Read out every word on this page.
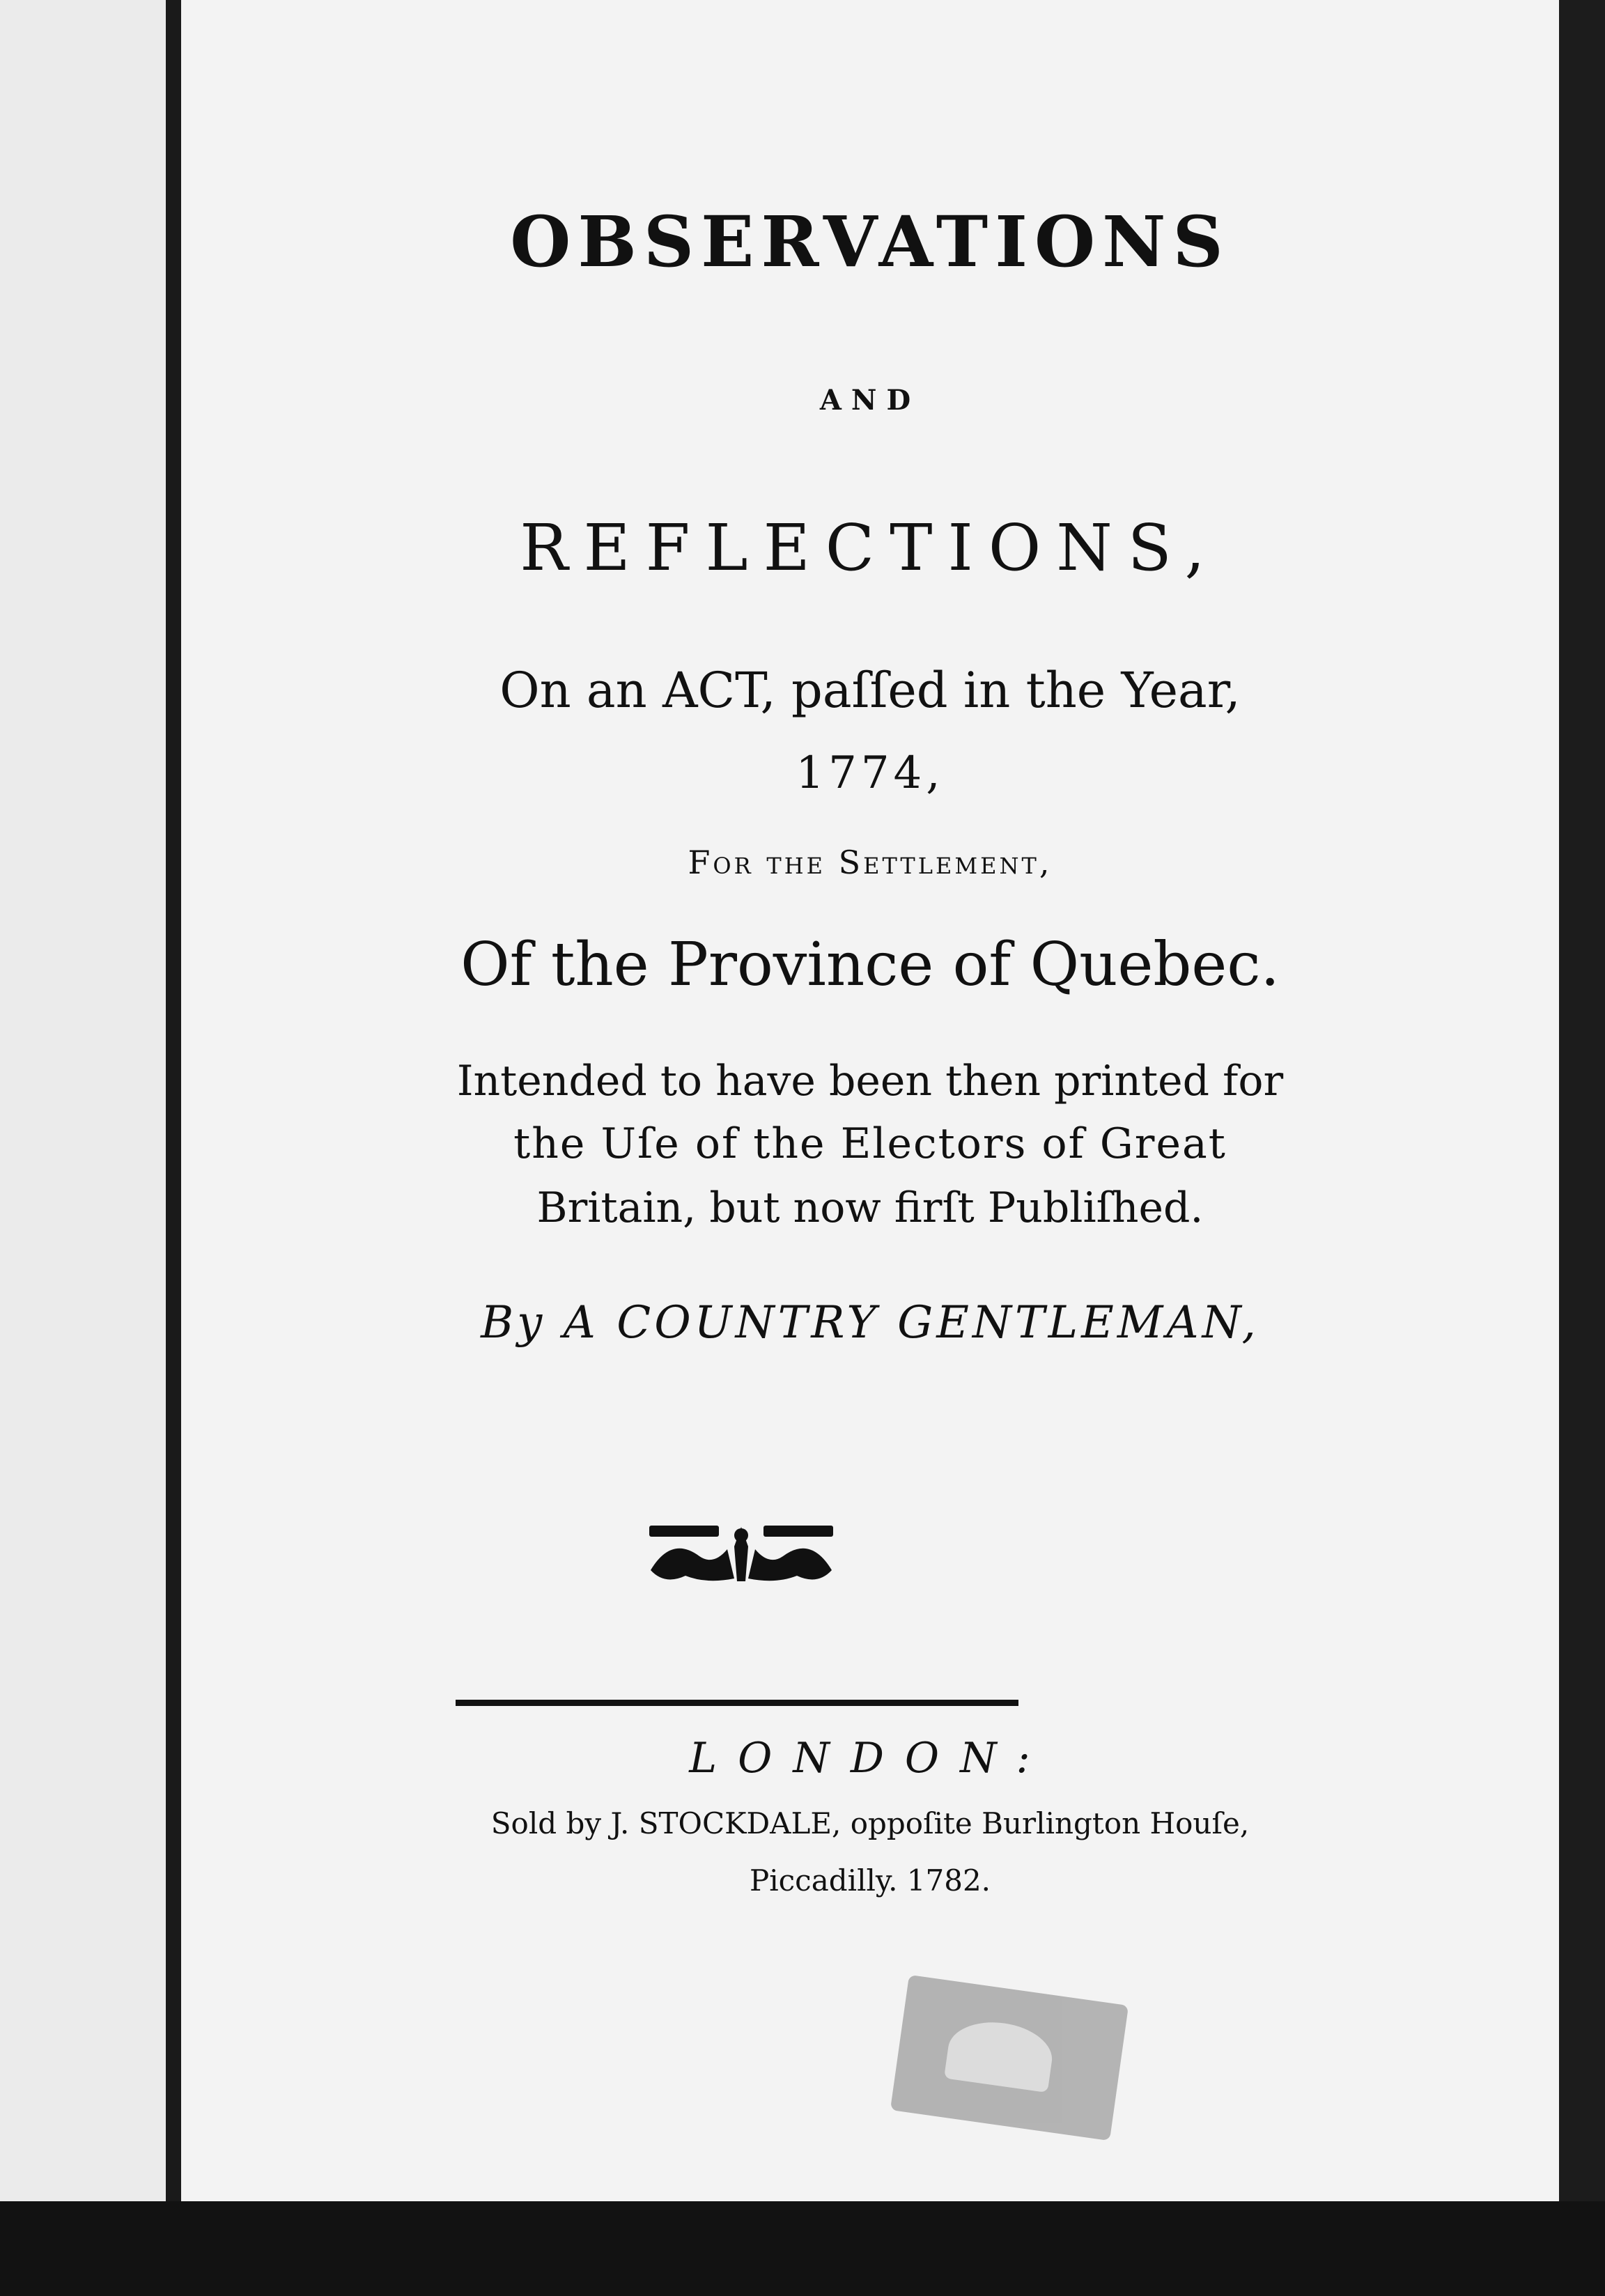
OBSERVATIONS

AND

REFLECTIONS,

On an ACT, paſſed in the Year,

1774,

For the Settlement,

Of the Province of Quebec.

Intended to have been then printed for

the Uſe of the Electors of Great

Britain, but now firſt Publiſhed.

By A COUNTRY GENTLEMAN,

LONDON:

Sold by J. STOCKDALE, oppoſite Burlington Houſe,

Piccadilly. 1782.
